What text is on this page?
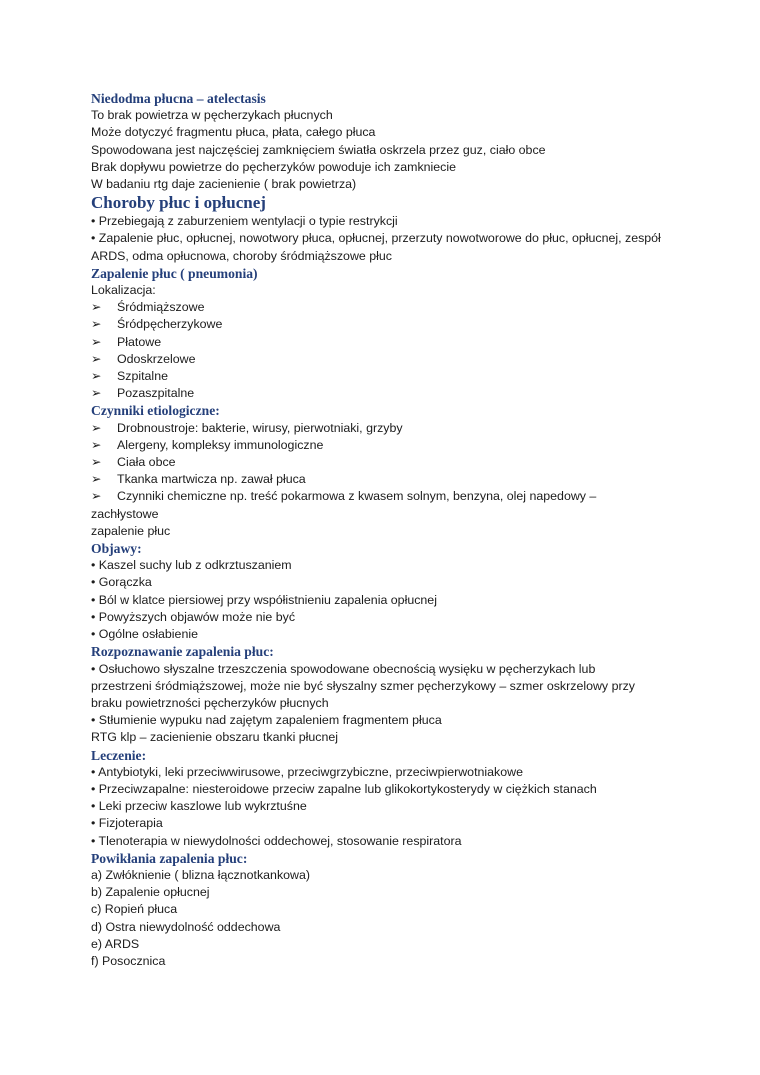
Niedodma płucna – atelectasis

To brak powietrza w pęcherzykach płucnych

Może dotyczyć fragmentu płuca, płata, całego płuca

Spowodowana jest najczęściej zamknięciem światła oskrzela przez guz, ciało obce

Brak dopływu powietrze do pęcherzyków powoduje ich zamkniecie

W badaniu rtg daje zacienienie ( brak powietrza)

Choroby płuc i opłucnej

• Przebiegają z zaburzeniem wentylacji o typie restrykcji

• Zapalenie płuc, opłucnej, nowotwory płuca, opłucnej, przerzuty nowotworowe do płuc, opłucnej, zespół ARDS, odma opłucnowa, choroby śródmiąższowe płuc

Zapalenie płuc ( pneumonia)

Lokalizacja:

➢	Śródmiąższowe
➢	Śródpęcherzykowe
➢	Płatowe
➢	Odoskrzelowe
➢	Szpitalne
➢	Pozaszpitalne

Czynniki etiologiczne:

➢	Drobnoustroje: bakterie, wirusy, pierwotniaki, grzyby
➢	Alergeny, kompleksy immunologiczne
➢	Ciała obce
➢	Tkanka martwicza np. zawał płuca
➢	Czynniki chemiczne np. treść pokarmowa z kwasem solnym, benzyna, olej napedowy –

zachłystowe

zapalenie płuc

Objawy:

• Kaszel suchy lub z odkrztuszaniem

• Gorączka

• Ból w klatce piersiowej przy współistnieniu zapalenia opłucnej

• Powyższych objawów może nie być

• Ogólne osłabienie

Rozpoznawanie zapalenia płuc:

• Osłuchowo słyszalne trzeszczenia spowodowane obecnością wysięku w pęcherzykach lub przestrzeni śródmiąższowej, może nie być słyszalny szmer pęcherzykowy – szmer oskrzelowy przy braku powietrzności pęcherzyków płucnych

• Stłumienie wypuku nad zajętym zapaleniem fragmentem płuca

RTG klp – zacienienie obszaru tkanki płucnej

Leczenie:

• Antybiotyki, leki przeciwwirusowe, przeciwgrzybiczne, przeciwpierwotniakowe

• Przeciwzapalne: niesteroidowe przeciw zapalne lub glikokortykosterydy w ciężkich stanach

• Leki przeciw kaszlowe lub wykrztuśne

• Fizjoterapia

• Tlenoterapia w niewydolności oddechowej, stosowanie respiratora

Powikłania zapalenia płuc:

a) Zwłóknienie ( blizna łącznotkankowa)

b) Zapalenie opłucnej

c) Ropień płuca

d) Ostra niewydolność oddechowa

e) ARDS

f) Posocznica
